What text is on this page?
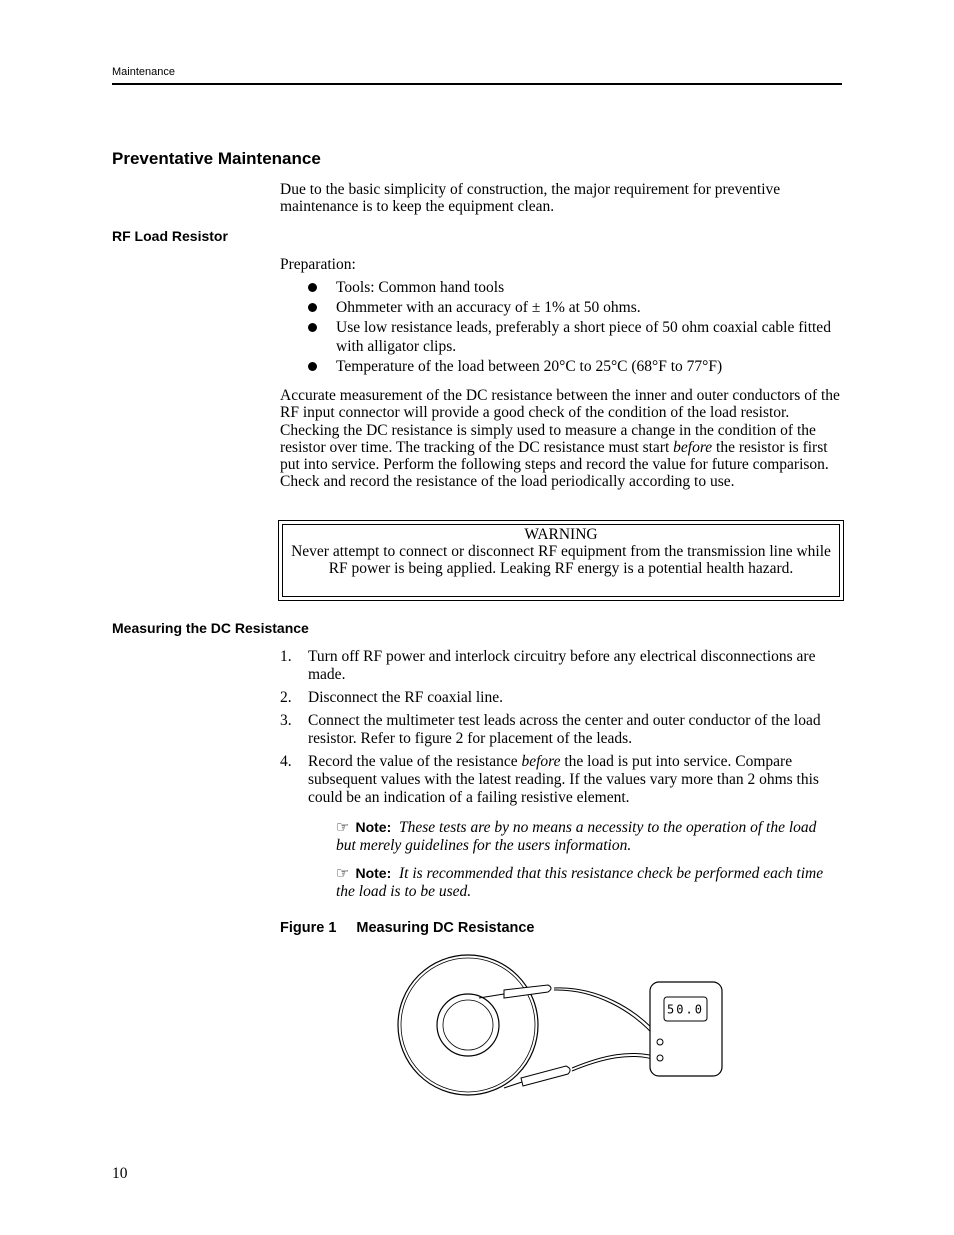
Maintenance
Preventative Maintenance

Due to the basic simplicity of construction, the major requirement for preventive maintenance is to keep the equipment clean.

RF Load Resistor

Preparation:

Tools: Common hand tools
Ohmmeter with an accuracy of ± 1% at 50 ohms.
Use low resistance leads, preferably a short piece of 50 ohm coaxial cable fitted with alligator clips.
Temperature of the load between 20°C to 25°C (68°F to 77°F)

Accurate measurement of the DC resistance between the inner and outer conductors of the RF input connector will provide a good check of the condition of the load resistor. Checking the DC resistance is simply used to measure a change in the condition of the resistor over time. The tracking of the DC resistance must start before the resistor is first put into service. Perform the following steps and record the value for future comparison. Check and record the resistance of the load periodically according to use.

WARNING
Never attempt to connect or disconnect RF equipment from the transmission line while RF power is being applied. Leaking RF energy is a potential health hazard.
Measuring the DC Resistance
1. Turn off RF power and interlock circuitry before any electrical disconnections are made.
2. Disconnect the RF coaxial line.
3. Connect the multimeter test leads across the center and outer conductor of the load resistor. Refer to figure 2 for placement of the leads.
4. Record the value of the resistance before the load is put into service. Compare subsequent values with the latest reading. If the values vary more than 2 ohms this could be an indication of a failing resistive element.

☞ Note: These tests are by no means a necessity to the operation of the load but merely guidelines for the users information.

☞ Note: It is recommended that this resistance check be performed each time the load is to be used.

Figure 1 Measuring DC Resistance
50.0
10
